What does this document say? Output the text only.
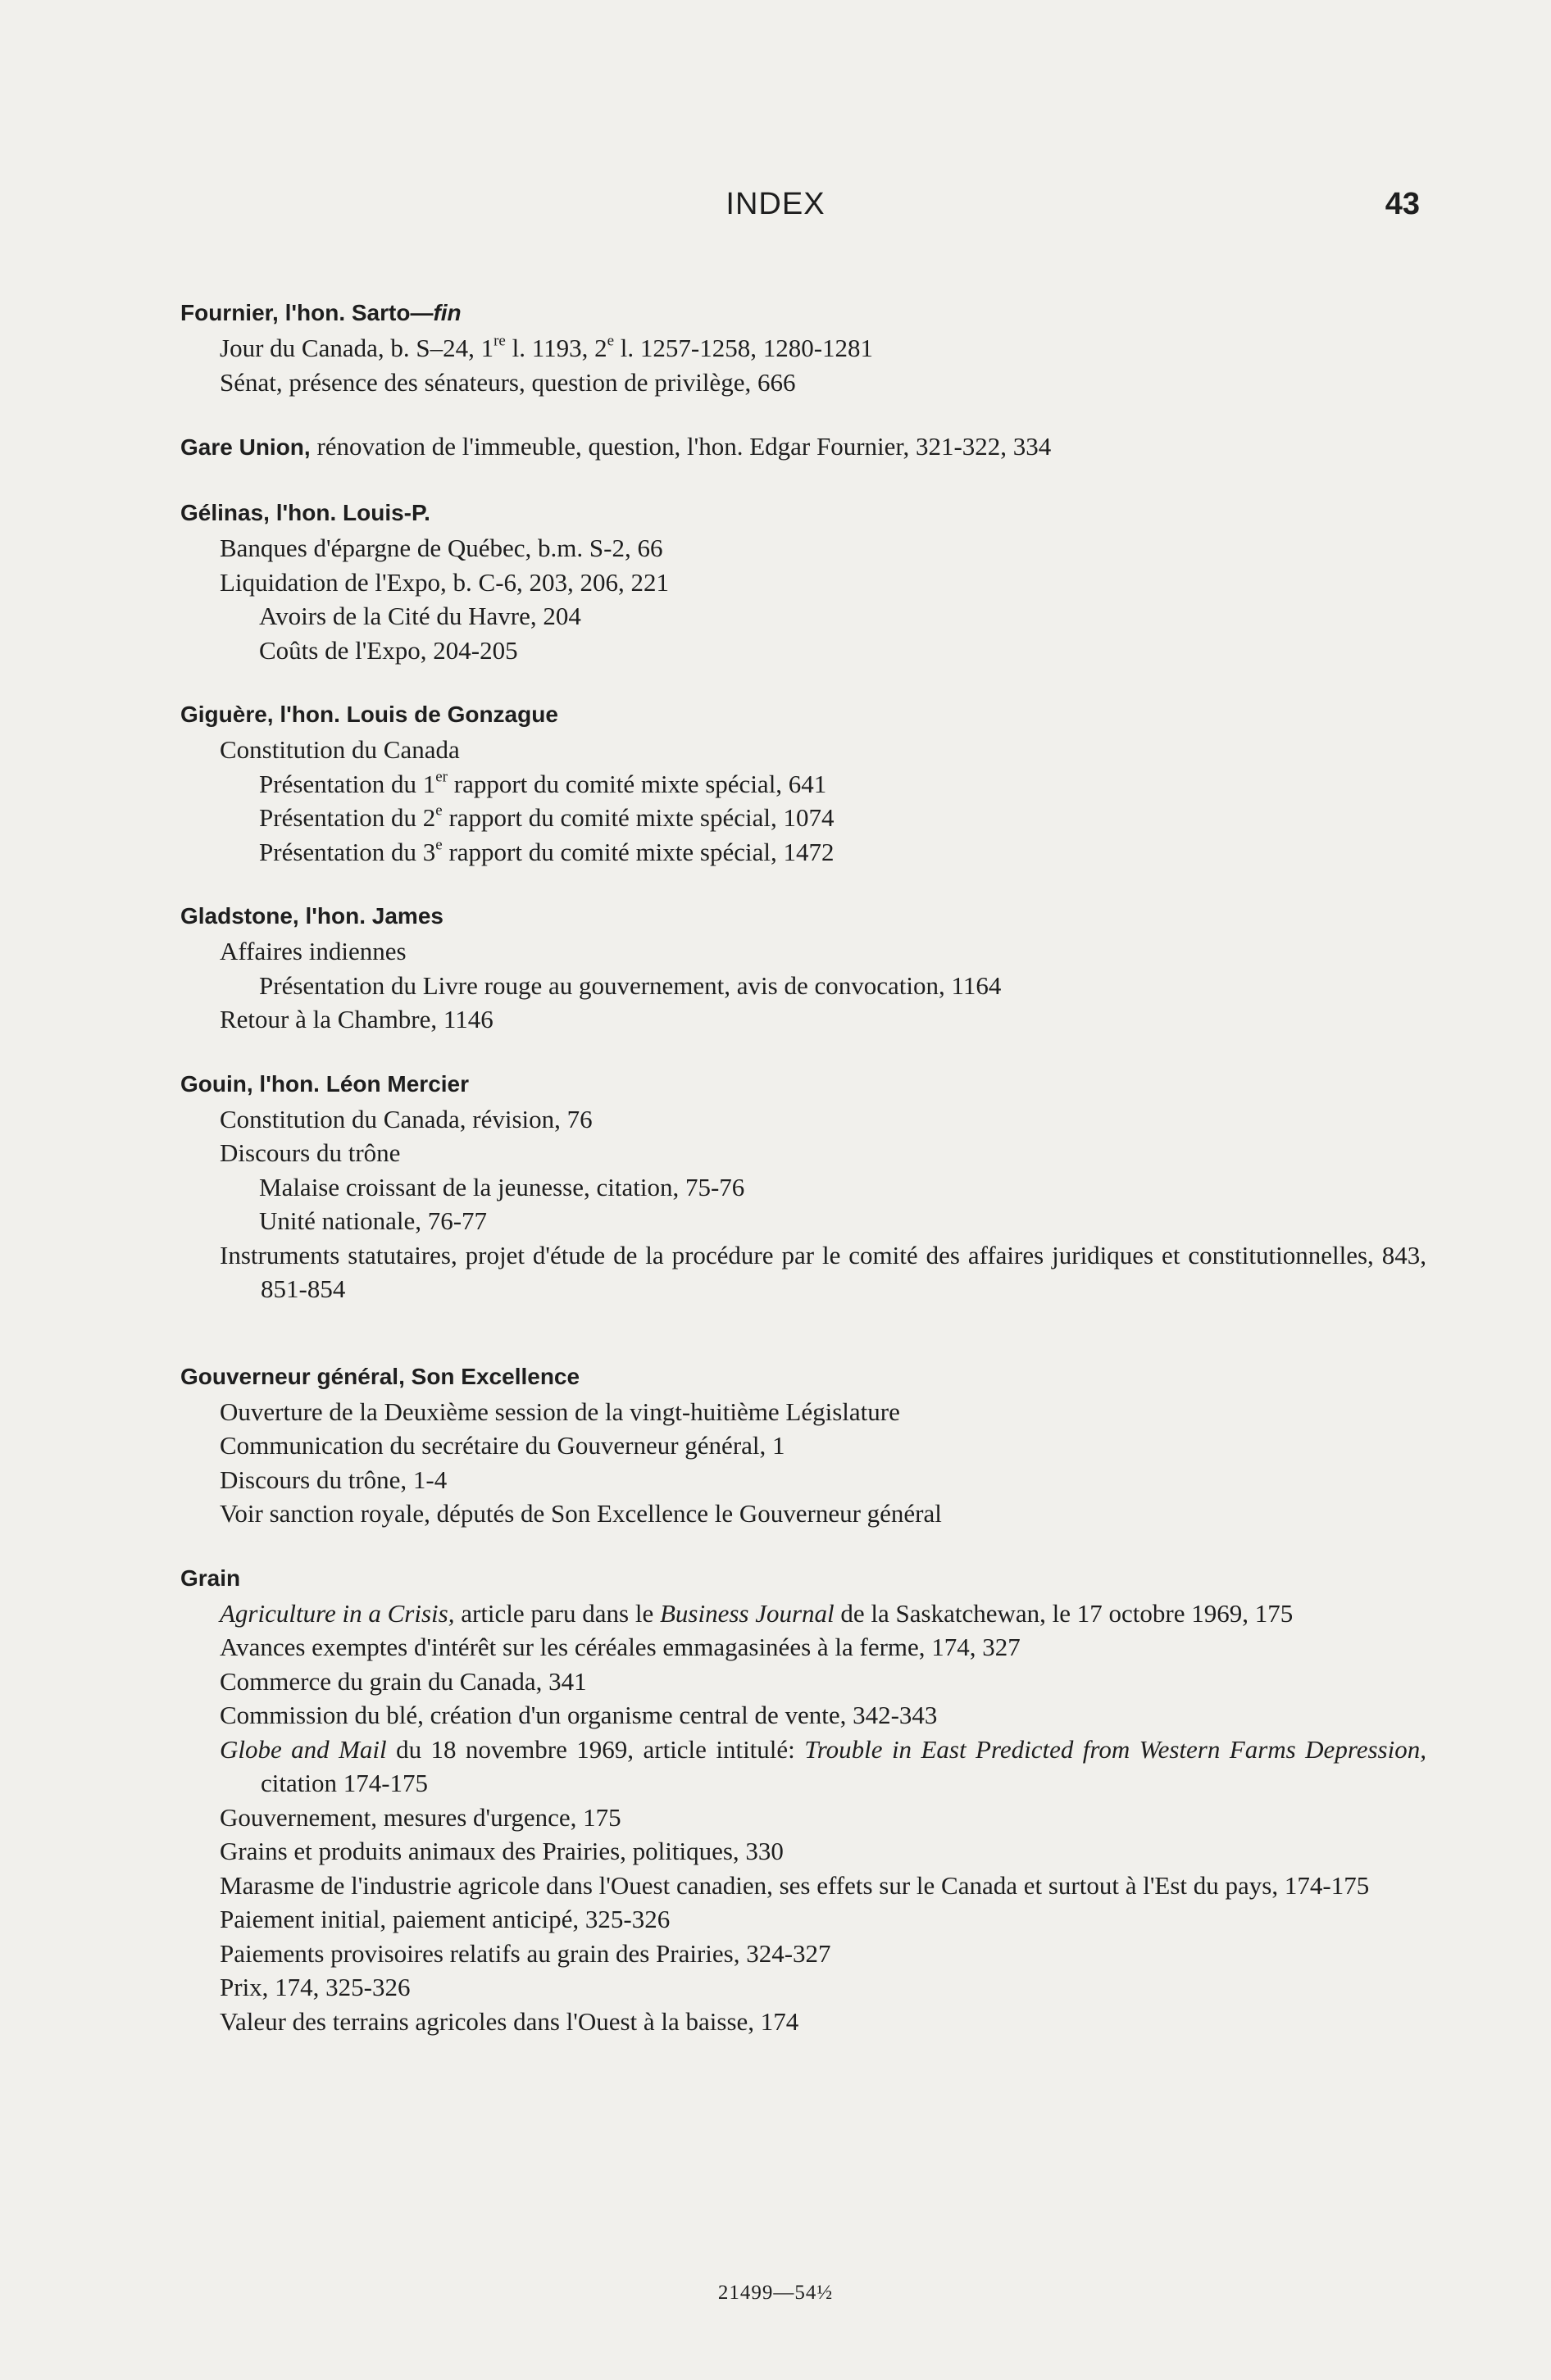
INDEX	43
Fournier, l'hon. Sarto—fin
Jour du Canada, b. S–24, 1re l. 1193, 2e l. 1257-1258, 1280-1281
Sénat, présence des sénateurs, question de privilège, 666
Gare Union, rénovation de l'immeuble, question, l'hon. Edgar Fournier, 321-322, 334
Gélinas, l'hon. Louis-P.
Banques d'épargne de Québec, b.m. S-2, 66
Liquidation de l'Expo, b. C-6, 203, 206, 221
Avoirs de la Cité du Havre, 204
Coûts de l'Expo, 204-205
Giguère, l'hon. Louis de Gonzague
Constitution du Canada
Présentation du 1er rapport du comité mixte spécial, 641
Présentation du 2e rapport du comité mixte spécial, 1074
Présentation du 3e rapport du comité mixte spécial, 1472
Gladstone, l'hon. James
Affaires indiennes
Présentation du Livre rouge au gouvernement, avis de convocation, 1164
Retour à la Chambre, 1146
Gouin, l'hon. Léon Mercier
Constitution du Canada, révision, 76
Discours du trône
Malaise croissant de la jeunesse, citation, 75-76
Unité nationale, 76-77
Instruments statutaires, projet d'étude de la procédure par le comité des affaires juridiques et constitutionnelles, 843, 851-854
Gouverneur général, Son Excellence
Ouverture de la Deuxième session de la vingt-huitième Législature
Communication du secrétaire du Gouverneur général, 1
Discours du trône, 1-4
Voir sanction royale, députés de Son Excellence le Gouverneur général
Grain
Agriculture in a Crisis, article paru dans le Business Journal de la Saskatchewan, le 17 octobre 1969, 175
Avances exemptes d'intérêt sur les céréales emmagasinées à la ferme, 174, 327
Commerce du grain du Canada, 341
Commission du blé, création d'un organisme central de vente, 342-343
Globe and Mail du 18 novembre 1969, article intitulé: Trouble in East Predicted from Western Farms Depression, citation 174-175
Gouvernement, mesures d'urgence, 175
Grains et produits animaux des Prairies, politiques, 330
Marasme de l'industrie agricole dans l'Ouest canadien, ses effets sur le Canada et surtout à l'Est du pays, 174-175
Paiement initial, paiement anticipé, 325-326
Paiements provisoires relatifs au grain des Prairies, 324-327
Prix, 174, 325-326
Valeur des terrains agricoles dans l'Ouest à la baisse, 174
21499—54½
